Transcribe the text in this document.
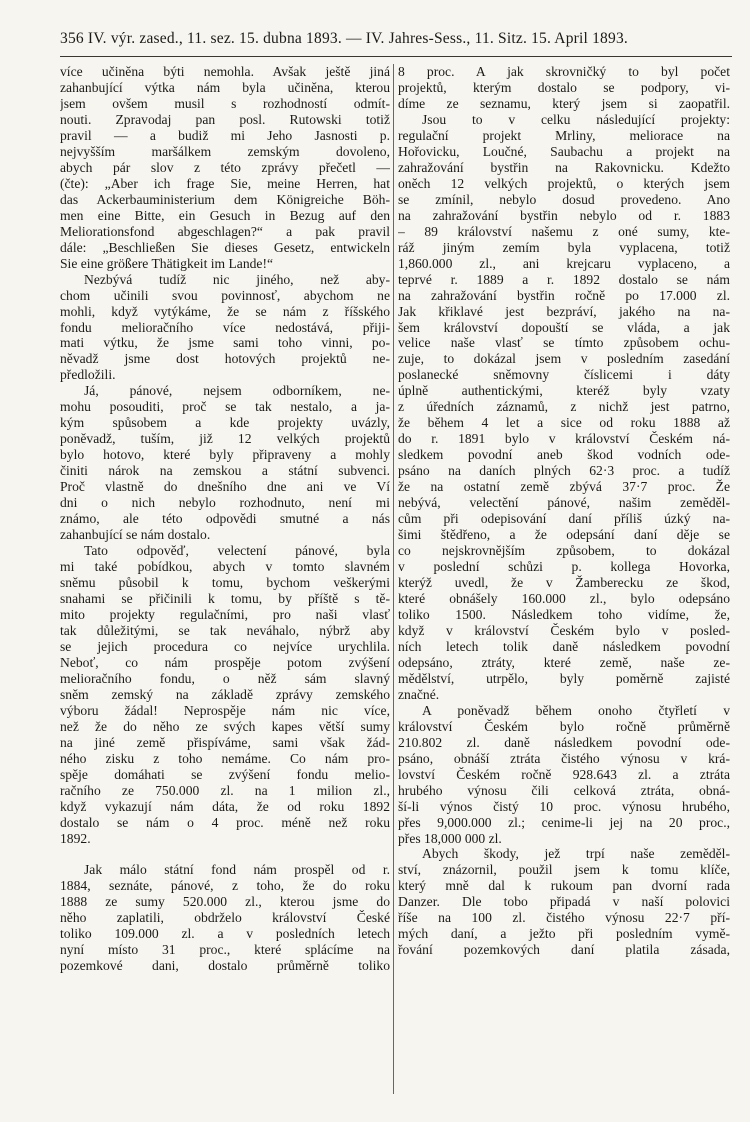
356 IV. výr. zased., 11. sez. 15. dubna 1893. — IV. Jahres-Sess., 11. Sitz. 15. April 1893.
více učiněna býti nemohla. Avšak ještě jiná
zahanbující výtka nám byla učiněna, kterou
jsem ovšem musil s rozhodností odmít-
nouti. Zpravodaj pan posl. Rutowski totiž
pravil — a budiž mi Jeho Jasnosti p.
nejvyšším maršálkem zemským dovoleno,
abych pár slov z této zprávy přečetl —
(čte): „Aber ich frage Sie, meine Herren, hat
das Ackerbauministerium dem Königreiche Böh-
men eine Bitte, ein Gesuch in Bezug auf den
Meliorationsfond abgeschlagen?“ a pak pravil
dále: „Beschließen Sie dieses Gesetz, entwickeln
Sie eine größere Thätigkeit im Lande!“
Nezbývá tudíž nic jiného, než aby-
chom učinili svou povinnosť, abychom ne
mohli, když vytýkáme, že se nám z říšského
fondu melioračního více nedostává, přiji-
mati výtku, že jsme sami toho vinni, po-
něvadž jsme dost hotových projektů ne-
předložili.
Já, pánové, nejsem odborníkem, ne-
mohu posouditi, proč se tak nestalo, a ja-
kým spůsobem a kde projekty uvázly,
poněvadž, tuším, již 12 velkých projektů
bylo hotovo, které byly připraveny a mohly
činiti nárok na zemskou a státní subvenci.
Proč vlastně do dnešního dne ani ve Ví
dni o nich nebylo rozhodnuto, není mi
známo, ale této odpovědi smutné a nás
zahanbující se nám dostalo.
Tato odpověď, velectení pánové, byla
mi také pobídkou, abych v tomto slavném
sněmu působil k tomu, bychom veškerými
snahami se přičinili k tomu, by příště s tě-
mito projekty regulačními, pro naši vlasť
tak důležitými, se tak neváhalo, nýbrž aby
se jejich procedura co nejvíce urychlila.
Neboť, co nám prospěje potom zvýšení
melioračního fondu, o něž sám slavný
sněm zemský na základě zprávy zemského
výboru žádal! Neprospěje nám nic více,
než že do něho ze svých kapes větší sumy
na jiné země přispíváme, sami však žád-
ného zisku z toho nemáme. Co nám pro-
spěje domáhati se zvýšení fondu melio-
račního ze 750.000 zl. na 1 milion zl.,
když vykazují nám dáta, že od roku 1892
dostalo se nám o 4 proc. méně než roku
1892.
Jak málo státní fond nám prospěl od r.
1884, seznáte, pánové, z toho, že do roku
1888 ze sumy 520.000 zl., kterou jsme do
něho zaplatili, obdrželo království České
toliko 109.000 zl. a v posledních letech
nyní místo 31 proc., které splácíme na
pozemkové dani, dostalo průměrně toliko
8 proc. A jak skrovničký to byl počet
projektů, kterým dostalo se podpory, vi-
díme ze seznamu, který jsem si zaopatřil.
Jsou to v celku následující projekty:
regulační projekt Mrliny, meliorace na
Hořovicku, Loučné, Saubachu a projekt na
zahražování bystřin na Rakovnicku. Kdežto
oněch 12 velkých projektů, o kterých jsem
se zmínil, nebylo dosud provedeno. Ano
na zahražování bystřin nebylo od r. 1883
– 89 království našemu z oné sumy, kte-
ráž jiným zemím byla vyplacena, totiž
1,860.000 zl., ani krejcaru vyplaceno, a
teprvé r. 1889 a r. 1892 dostalo se nám
na zahražování bystřin ročně po 17.000 zl.
Jak křiklavé jest bezpráví, jakého na na-
šem království dopouští se vláda, a jak
velice naše vlasť se tímto způsobem ochu-
zuje, to dokázal jsem v posledním zasedání
poslanecké sněmovny číslicemi i dáty
úplně authentickými, kteréž byly vzaty
z úředních záznamů, z nichž jest patrno,
že během 4 let a sice od roku 1888 až
do r. 1891 bylo v království Českém ná-
sledkem povodní aneb škod vodních ode-
psáno na daních plných 62·3 proc. a tudíž
že na ostatní země zbývá 37·7 proc. Že
nebývá, velectění pánové, našim zeměděl-
cům při odepisování daní příliš úzký na-
šimi štědřeno, a že odepsání daní děje se
co nejskrovnějším způsobem, to dokázal
v poslední schůzi p. kollega Hovorka,
kterýž uvedl, že v Žamberecku ze škod,
které obnášely 160.000 zl., bylo odepsáno
toliko 1500. Následkem toho vidíme, že,
když v království Českém bylo v posled-
ních letech tolik daně následkem povodní
odepsáno, ztráty, které země, naše ze-
mědělství, utrpělo, byly poměrně zajisté
značné.
A poněvadž během onoho čtyřletí v
království Českém bylo ročně průměrně
210.802 zl. daně následkem povodní ode-
psáno, obnáší ztráta čistého výnosu v krá-
lovství Českém ročně 928.643 zl. a ztráta
hrubého výnosu čili celková ztráta, obná-
ší-li výnos čistý 10 proc. výnosu hrubého,
přes 9,000.000 zl.; cenime-li jej na 20 proc.,
přes 18,000 000 zl.
Abych škody, jež trpí naše zeměděl-
ství, znázornil, použil jsem k tomu klíče,
který mně dal k rukoum pan dvorní rada
Danzer. Dle tobo připadá v naší polovici
říše na 100 zl. čistého výnosu 22·7 pří-
mých daní, a ježto při posledním vymě-
řování pozemkových daní platila zásada,
